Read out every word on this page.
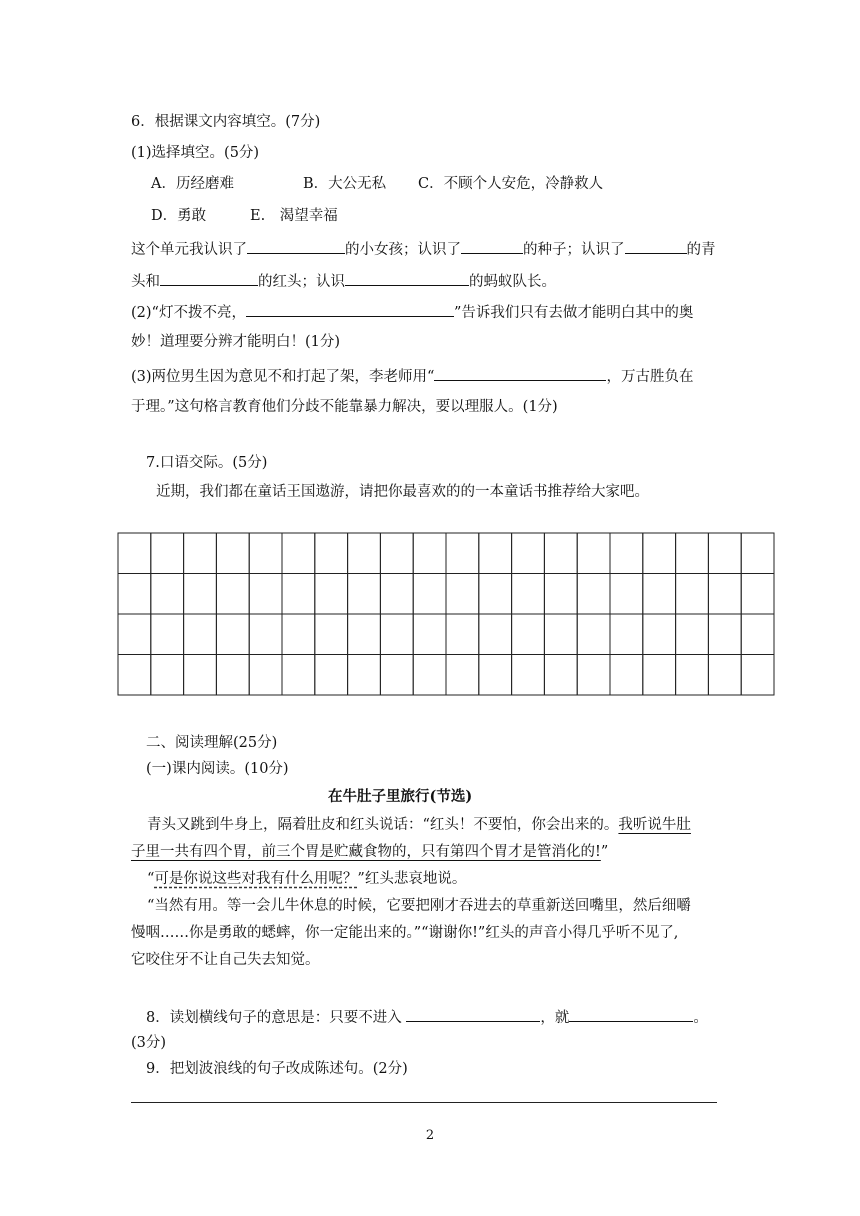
6．根据课文内容填空。(7分)
(1)选择填空。(5分)
A．历经磨难	B．大公无私 C．不顾个人安危，冷静救人
D．勇敢	E.　渴望幸福
这个单元我认识了	的小女孩；认识了	的种子；认识了	的青
头和	的红头；认识	的蚂蚁队长。
(2)“灯不拨不亮，	”告诉我们只有去做才能明白其中的奥
妙！道理要分辨才能明白！(1分)
(3)两位男生因为意见不和打起了架，李老师用“	，万古胜负在
于理。”这句格言教育他们分歧不能靠暴力解决，要以理服人。(1分)
7.口语交际。(5分)
近期，我们都在童话王国遨游，请把你最喜欢的的一本童话书推荐给大家吧。
二、阅读理解(25分)
(一)课内阅读。(10分)
在牛肚子里旅行(节选)
青头又跳到牛身上，隔着肚皮和红头说话：“红头！不要怕，你会出来的。我听说牛肚
子里一共有四个胃，前三个胃是贮藏食物的，只有第四个胃才是管消化的!”
“可是你说这些对我有什么用呢？”红头悲哀地说。
“当然有用。等一会儿牛休息的时候，它要把刚才吞进去的草重新送回嘴里，然后细嚼
慢咽……你是勇敢的蟋蟀，你一定能出来的。”“谢谢你!”红头的声音小得几乎听不见了,
它咬住牙不让自己失去知觉。
8．读划横线句子的意思是：只要不进入	，就	。
(3分)
9．把划波浪线的句子改成陈述句。(2分)
2
